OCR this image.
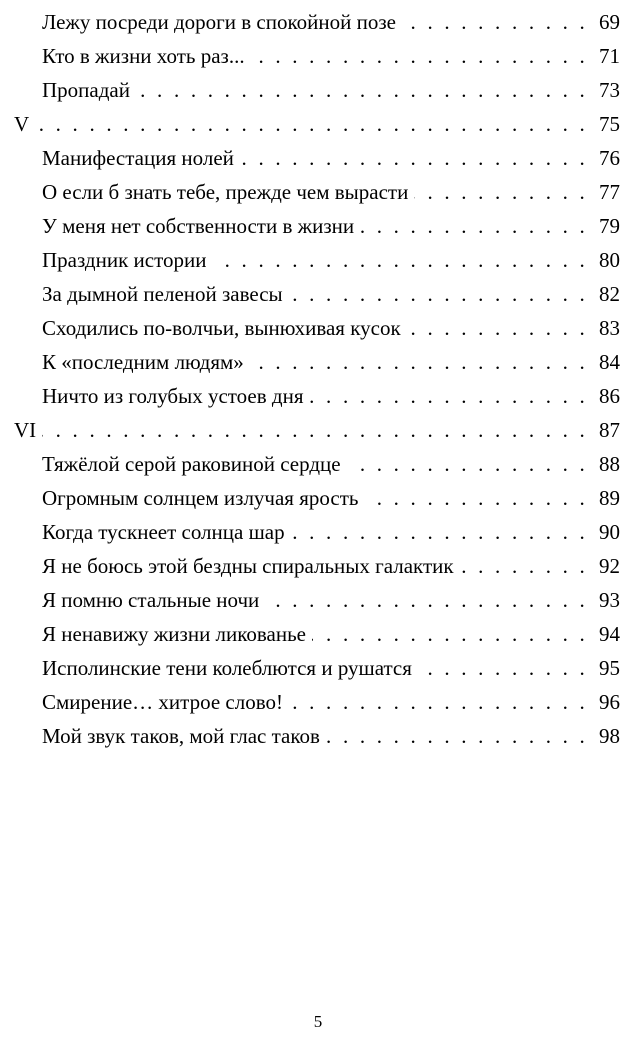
Лежу посреди дороги в спокойной позе . . .	69
Кто в жизни хоть раз... . . .	71
Пропадай . . .	73
V . . .	75
Манифестация нолей . . .	76
О если б знать тебе, прежде чем вырасти . . .	77
У меня нет собственности в жизни . . .	79
Праздник истории . . .	80
За дымной пеленой завесы . . .	82
Сходились по-волчьи, вынюхивая кусок . . .	83
К «последним людям» . . .	84
Ничто из голубых устоев дня . . .	86
VI . . .	87
Тяжёлой серой раковиной сердце . . .	88
Огромным солнцем излучая ярость . . .	89
Когда тускнеет солнца шар . . .	90
Я не боюсь этой бездны спиральных галактик . . .	92
Я помню стальные ночи . . .	93
Я ненавижу жизни ликованье . . .	94
Исполинские тени колеблются и рушатся . . .	95
Смирение… хитрое слово! . . .	96
Мой звук таков, мой глас таков . . .	98
5
